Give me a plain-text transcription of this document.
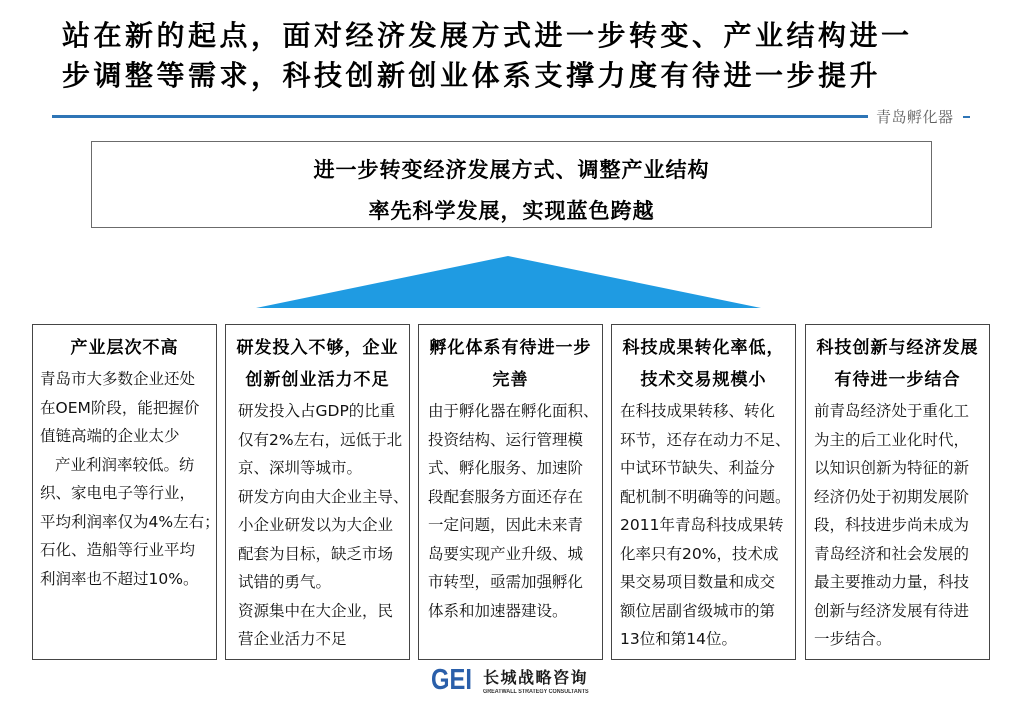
站在新的起点，面对经济发展方式进一步转变、产业结构进一
步调整等需求，科技创新创业体系支撑力度有待进一步提升
青岛孵化器
进一步转变经济发展方式、调整产业结构
率先科学发展，实现蓝色跨越
产业层次不高
青岛市大多数企业还处
在OEM阶段，能把握价
值链高端的企业太少
产业利润率较低。纺
织、家电电子等行业，
平均利润率仅为4%左右；
石化、造船等行业平均
利润率也不超过10%。
研发投入不够，企业
创新创业活力不足
研发投入占GDP的比重
仅有2%左右，远低于北
京、深圳等城市。
研发方向由大企业主导、
小企业研发以为大企业
配套为目标，缺乏市场
试错的勇气。
资源集中在大企业，民
营企业活力不足
孵化体系有待进一步
完善
由于孵化器在孵化面积、
投资结构、运行管理模
式、孵化服务、加速阶
段配套服务方面还存在
一定问题，因此未来青
岛要实现产业升级、城
市转型，亟需加强孵化
体系和加速器建设。
科技成果转化率低，
技术交易规模小
在科技成果转移、转化
环节，还存在动力不足、
中试环节缺失、利益分
配机制不明确等的问题。
2011年青岛科技成果转
化率只有20%，技术成
果交易项目数量和成交
额位居副省级城市的第
13位和第14位。
科技创新与经济发展
有待进一步结合
前青岛经济处于重化工
为主的后工业化时代，
以知识创新为特征的新
经济仍处于初期发展阶
段，科技进步尚未成为
青岛经济和社会发展的
最主要推动力量，科技
创新与经济发展有待进
一步结合。
GEI 长城战略咨询
GREATWALL STRATEGY CONSULTANTS
